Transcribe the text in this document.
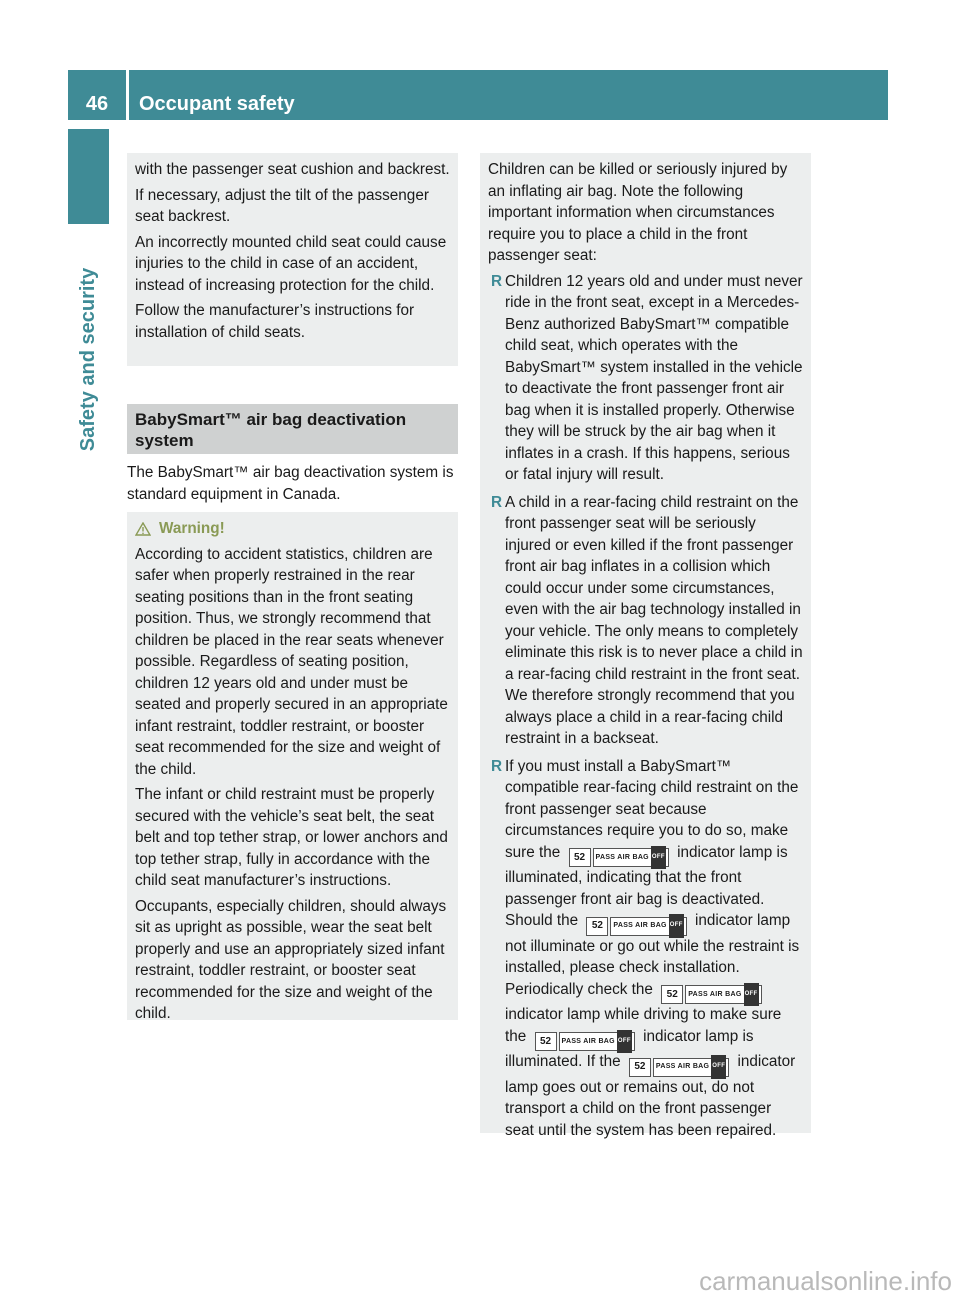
46	Occupant safety
Safety and security

with the passenger seat cushion and backrest.

If necessary, adjust the tilt of the passenger seat backrest.

An incorrectly mounted child seat could cause injuries to the child in case of an accident, instead of increasing protection for the child.

Follow the manufacturer’s instructions for installation of child seats.

BabySmart™ air bag deactivation system

The BabySmart™ air bag deactivation system is standard equipment in Canada.

Warning!

According to accident statistics, children are safer when properly restrained in the rear seating positions than in the front seating position. Thus, we strongly recommend that children be placed in the rear seats whenever possible. Regardless of seating position, children 12 years old and under must be seated and properly secured in an appropriate infant restraint, toddler restraint, or booster seat recommended for the size and weight of the child.

The infant or child restraint must be properly secured with the vehicle’s seat belt, the seat belt and top tether strap, or lower anchors and top tether strap, fully in accordance with the child seat manufacturer’s instructions.

Occupants, especially children, should always sit as upright as possible, wear the seat belt properly and use an appropriately sized infant restraint, toddler restraint, or booster seat recommended for the size and weight of the child.

Children can be killed or seriously injured by an inflating air bag. Note the following important information when circumstances require you to place a child in the front passenger seat:

R Children 12 years old and under must never ride in the front seat, except in a Mercedes-Benz authorized BabySmart™ compatible child seat, which operates with the BabySmart™ system installed in the vehicle to deactivate the front passenger front air bag when it is installed properly. Otherwise they will be struck by the air bag when it inflates in a crash. If this happens, serious or fatal injury will result.
R A child in a rear-facing child restraint on the front passenger seat will be seriously injured or even killed if the front passenger front air bag inflates in a collision which could occur under some circumstances, even with the air bag technology installed in your vehicle. The only means to completely eliminate this risk is to never place a child in a rear-facing child restraint in the front seat. We therefore strongly recommend that you always place a child in a rear-facing child restraint in a backseat.
R If you must install a BabySmart™ compatible rear-facing child restraint on the front passenger seat because circumstances require you to do so, make sure the	52	PASS AIR BAG OFF indicator lamp is illuminated, indicating that the front passenger front air bag is deactivated. Should the	52	PASS AIR BAG OFF indicator lamp not illuminate or go out while the restraint is installed, please check installation. Periodically check the	52	PASS AIR BAG OFF
indicator lamp while driving to make sure the	52	PASS AIR BAG OFF indicator lamp is illuminated. If the	52	PASS AIR BAG OFF indicator lamp goes out or remains out, do not transport a child on the front passenger seat until the system has been repaired.
carmanualsonline.info
